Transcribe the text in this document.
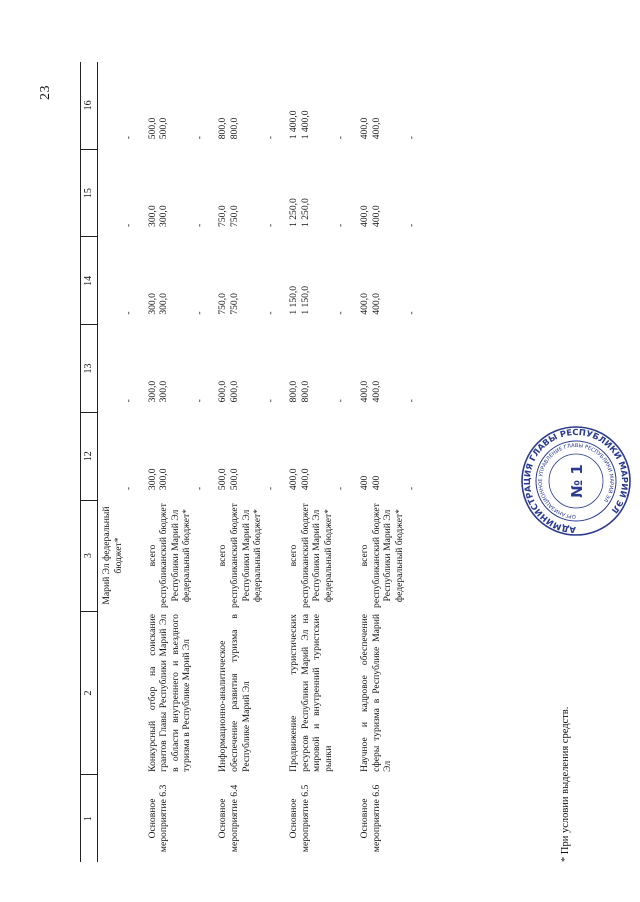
23
1	2	3	12	13	14	15	16
		Марий Эл федеральный бюджет*	-	-	-	-	-

Основное мероприятие 6.3	Конкурсный отбор на соискание грантов Главы Республики Марий Эл в области внутреннего и въездного туризма в Республике Марий Эл	всего республиканский бюджет Республики Марий Эл федеральный бюджет*	300,0 300,0 -	300,0 300,0 -	300,0 300,0 -	300,0 300,0 -	500,0 500,0 -

Основное мероприятие 6.4	Информационно-аналитическое обеспечение развития туризма в Республике Марий Эл	всего республиканский бюджет Республики Марий Эл федеральный бюджет*	500,0 500,0 -	600,0 600,0 -	750,0 750,0 -	750,0 750,0 -	800,0 800,0 -

Основное мероприятие 6.5	Продвижение туристических ресурсов Республики Марий Эл на мировой и внутренний туристские рынки	всего республиканский бюджет Республики Марий Эл федеральный бюджет*	400,0 400,0 -	800,0 800,0 -	1 150,0 1 150,0 -	1 250,0 1 250,0 -	1 400,0 1 400,0 -

Основное мероприятие 6.6	Научное и кадровое обеспечение сферы туризма в Республике Марий Эл	всего республиканский бюджет Республики Марий Эл федеральный бюджет*	400 400 -	400,0 400,0 -	400,0 400,0 -	400,0 400,0 -	400,0 400,0 -
* При условии выделения средств.
АДМИНИСТРАЦИЯ ГЛАВЫ РЕСПУБЛИКИ МАРИЙ ЭЛ
ОРГАНИЗАЦИОННОЕ УПРАВЛЕНИЕ ГЛАВЫ РЕСПУБЛИКИ МАРИЙ ЭЛ
№ 1
